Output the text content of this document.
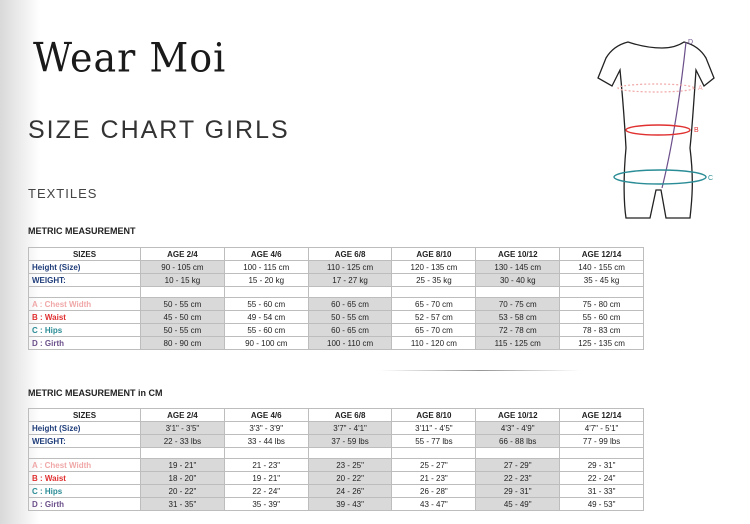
Wear Moi
SIZE CHART GIRLS
TEXTILES
D
A
B
C
METRIC MEASUREMENT
SIZES	AGE 2/4	AGE 4/6	AGE 6/8	AGE 8/10	AGE 10/12	AGE 12/14
Height (Size)	90 - 105 cm	100 - 115 cm	110 - 125 cm	120 - 135 cm	130 - 145 cm	140 - 155 cm
WEIGHT:	10 - 15 kg	15 - 20 kg	17 - 27 kg	25 - 35 kg	30 - 40 kg	35 - 45 kg

A : Chest Width	50 - 55 cm	55 - 60 cm	60 - 65 cm	65 - 70 cm	70 - 75 cm	75 - 80 cm
B : Waist	45 - 50 cm	49 - 54 cm	50 - 55 cm	52 - 57 cm	53 - 58 cm	55 - 60 cm
C : Hips	50 - 55 cm	55 - 60 cm	60 - 65 cm	65 - 70 cm	72 - 78 cm	78 - 83 cm
D : Girth	80 - 90 cm	90 - 100 cm	100 - 110 cm	110 - 120 cm	115 - 125 cm	125 - 135 cm
METRIC MEASUREMENT in CM
SIZES	AGE 2/4	AGE 4/6	AGE 6/8	AGE 8/10	AGE 10/12	AGE 12/14
Height (Size)	3'1" - 3'5"	3'3" - 3'9"	3'7" - 4'1"	3'11" - 4'5"	4'3" - 4'9"	4'7" - 5'1"
WEIGHT:	22 - 33 lbs	33 - 44 lbs	37 - 59 lbs	55 - 77 lbs	66 - 88 lbs	77 - 99 lbs

A : Chest Width	19 - 21"	21 - 23"	23 - 25"	25 - 27"	27 - 29"	29 - 31"
B : Waist	18 - 20"	19 - 21"	20 - 22"	21 - 23"	22 - 23"	22 - 24"
C : Hips	20 - 22"	22 - 24"	24 - 26"	26 - 28"	29 - 31"	31 - 33"
D : Girth	31 - 35"	35 - 39"	39 - 43"	43 - 47"	45 - 49"	49 - 53"
